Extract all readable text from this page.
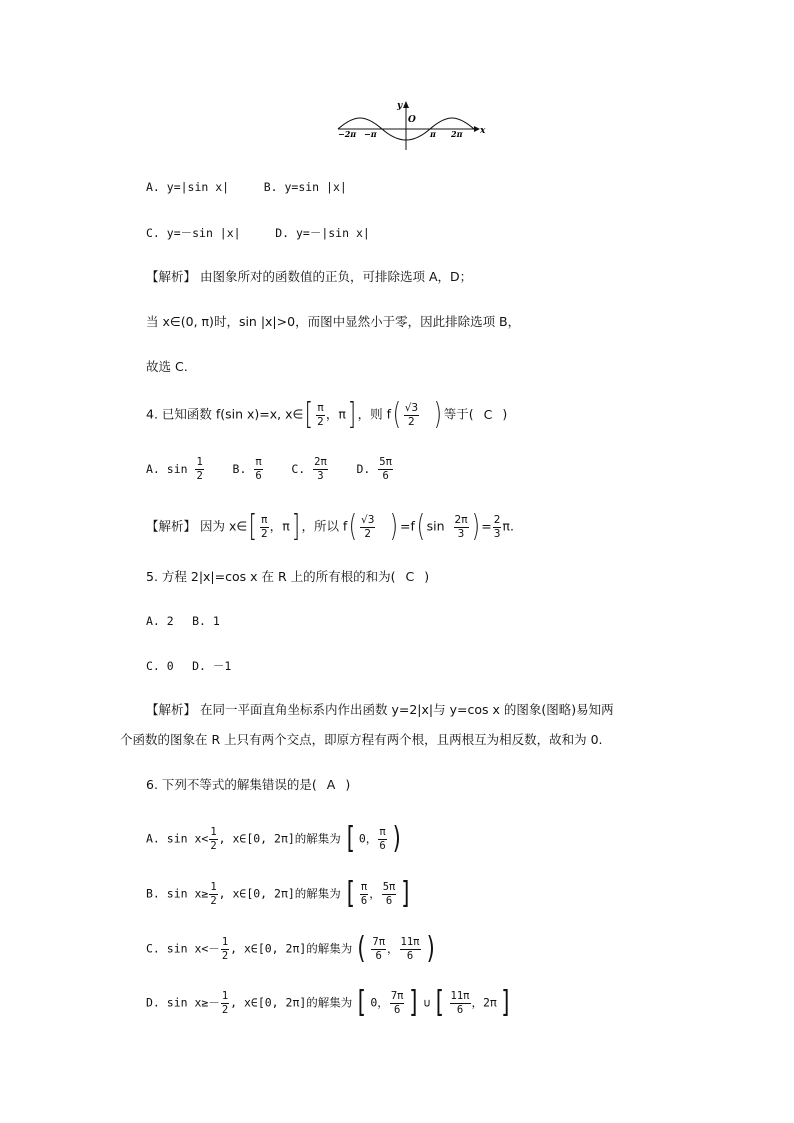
y
O
x
−2π −π	π 2π
A. y=|sin x|	B. y=sin |x|
C. y=－sin |x|	D. y=－|sin x|
【解析】 由图象所对的函数值的正负，可排除选项 A，D；
当 x∈(0, π)时，sin |x|>0，而图中显然小于零，因此排除选项 B，
故选 C.
4. 已知函数 f(sin x)=x, x∈[ $\frac{\pi}{2}$ ，π] ，则 $f( \frac{√3}{2}$ ) 等于( C )
A. $\sin \frac{1}{2} B$. $\frac{\pi}{6} C$. $\frac{2\pi}{3} D$. $\frac{5\pi}{6}$
【解析】 因为 x∈[ $\frac{\pi}{2}$ ，π] ，所以 $f( \frac{√3}{2}$ ) =f( $\sin \frac{2\pi}{3}$ ) = $\frac{2}{3} \pi$.
5. 方程 2|x|=cos x 在 R 上的所有根的和为( C )
A. 2　 B. 1
C. 0　 D. －1
【解析】 在同一平面直角坐标系内作出函数 y=2|x|与 y=cos x 的图象(图略)易知两
个函数的图象在 R 上只有两个交点，即原方程有两个根，且两根互为相反数，故和为 0.
6. 下列不等式的解集错误的是( A )
A. $\sin x< \frac{1}{2}$ , x∈[0, 2π]的解集为[ 0， $\frac{\pi}{6}$ )
B. $\sin x\ge \frac{1}{2}$ , x∈[0, 2π]的解集为[ $\frac{\pi}{6}$ ， $\frac{5\pi}{6}$ ]
C. $\sin x<- \frac{1}{2}$ , x∈[0, 2π]的解集为( $\frac{7\pi}{6}$ ， $\frac{11\pi}{6}$ )
D. $\sin x\ge- \frac{1}{2}$ , x∈[0, 2π]的解集为[ 0， $\frac{7\pi}{6}$ ] ∪[ $\frac{11\pi}{6}$ ，2π]
